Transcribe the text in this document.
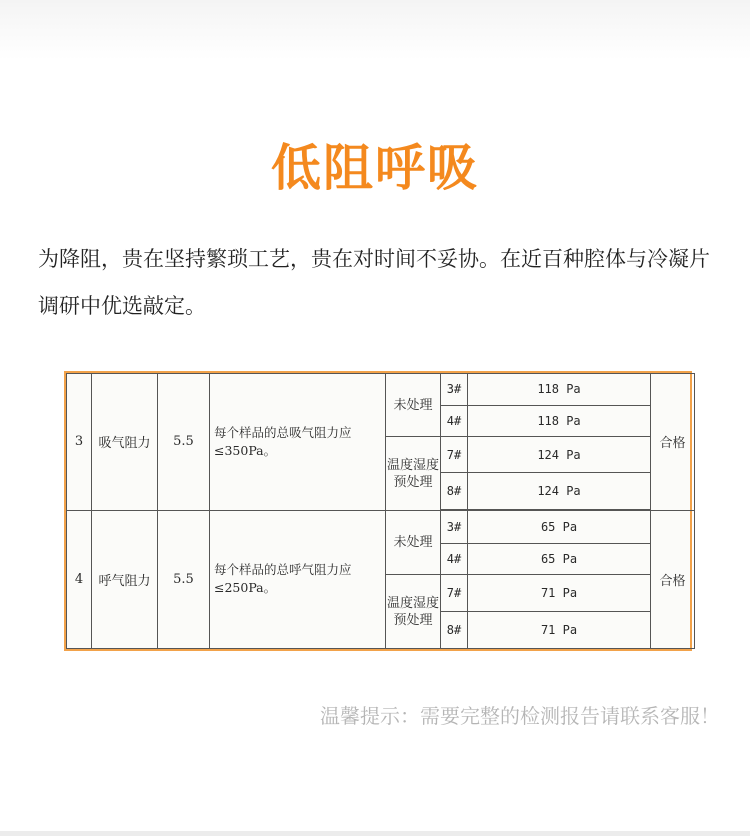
低阻呼吸
为降阻，贵在坚持繁琐工艺，贵在对时间不妥协。在近百种腔体与冷凝片调研中优选敲定。
3	吸气阻力	5.5	每个样品的总吸气阻力应≤350Pa。	未处理	3#	118 Pa	合格
					4#	118 Pa	
				温度湿度预处理	7#	124 Pa	
					8#	124 Pa	
4	呼气阻力	5.5	每个样品的总呼气阻力应≤250Pa。	未处理	3#	65 Pa	合格
					4#	65 Pa	
				温度湿度预处理	7#	71 Pa	
					8#	71 Pa	
温馨提示：需要完整的检测报告请联系客服！
